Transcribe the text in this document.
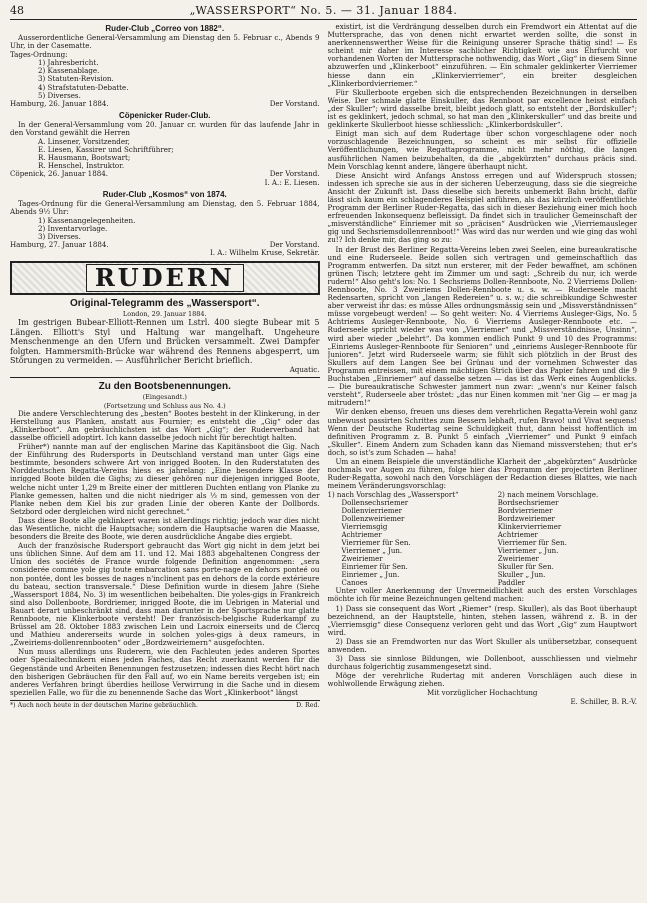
48	„WASSERSPORT“ No. 5. — 31. Januar 1884.
Ruder-Club „Correo von 1882“.

Ausserordentliche General-Versammlung am Dienstag den 5. Februar c., Abends 9 Uhr, in der Casematte.

Tages-Ordnung:
1) Jahresbericht.
2) Kassenablage.
3) Statuten-Revision.
4) Strafstatuten-Debatte.
5) Diverses.
Hamburg, 26. Januar 1884.	Der Vorstand.
Cöpenicker Ruder-Club.

In der General-Versammlung vom 20. Januar cr. wurden für das laufende Jahr in den Vorstand gewählt die Herren

A. Linsener, Vorsitzender,
E. Liesen, Kassirer und Schriftführer;
R. Hausmann, Bootswart;
R. Henschel, Instruktor.
Cöpenick, 26. Januar 1884.	Der Vorstand.
I. A.: E. Liesen.
Ruder-Club „Kosmos“ von 1874.

Tages-Ordnung für die General-Versammlung am Dienstag, den 5. Februar 1884, Abends 9½ Uhr:

1) Kassenangelegenheiten.
2) Inventarvorlage.
3) Diverses.
Hamburg, 27. Januar 1884.	Der Vorstand.
I. A.: Wilhelm Kruse, Sekretär.
RUDERN
Original-Telegramm des „Wassersport“.
London, 29. Januar 1884.

Im gestrigen Bubear-Elliott-Rennen um Lstrl. 400 siegte Bubear mit 5 Längen. Elliott's Styl und Haltung war mangelhaft. Ungeheure Menschenmenge an den Ufern und Brücken versammelt. Zwei Dampfer folgten. Hammersmith-Brücke war während des Rennens abgesperrt, um Störungen zu vermeiden. — Ausführlicher Bericht brieflich.

Aquatic.
Zu den Bootsbenennungen.
(Eingesandt.)
(Fortsetzung und Schluss aus No. 4.)

Die andere Verschlechterung des „besten“ Bootes besteht in der Klinkerung, in der Herstellung aus Planken, anstatt aus Fournier; es entsteht die „Gig“ oder das „Klinkerboot“. Am gebräuchlichsten ist das Wort „Gig“; der Ruderverband hat dasselbe officiell adoptirt. Ich kann dasselbe jedoch nicht für berechtigt halten.

Früher*) nannte man auf der englischen Marine das Kapitänsboot die Gig. Nach der Einführung des Rudersports in Deutschland verstand man unter Gigs eine bestimmte, besonders schwere Art von inrigged Booten. In den Ruderstatuten des Norddeutschen Regatta-Vereins hiess es jahrelang: „Eine besondere Klasse der inrigged Boote bilden die Gighs; zu dieser gehören nur diejenigen inrigged Boote, welche nicht unter 1,29 m Breite einer der mittleren Duchten entlang von Planke zu Planke gemessen, halten und die nicht niedriger als ⅓ m sind, gemessen von der Planke neben dem Kiel bis zur graden Linie der oberen Kante der Dollbords. Setzbord oder dergleichen wird nicht gerechnet.“

Dass diese Boote alle geklinkert waren ist allerdings richtig; jedoch war dies nicht das Wesentliche, nicht die Hauptsache; sondern die Hauptsache waren die Maasse, besonders die Breite des Boote, wie deren ausdrückliche Angabe dies ergiebt.

Auch der französische Rudersport gebraucht das Wort gig nicht in dem jetzt bei uns üblichen Sinne. Auf dem am 11. und 12. Mai 1883 abgehaltenen Congress der Union des sociétés de France wurde folgende Definition angenommen: „sera considerée comme yole gig toute embarcation sans porte-nage en dehors ponteé ou non pontée, dont les bosses de nages n'inclinent pas en dehors de la corde extérieure du bateau, section transversale.“ Diese Definition wurde in diesem Jahre (Siehe „Wassersport 1884, No. 3) im wesentlichen beibehalten. Die yoles-gigs in Frankreich sind also Dollenboote, Bordriemer, inrigged Boote, die im Uebrigen in Material und Bauart derart unbeschränkt sind, dass man darunter in der Sportsprache nur glatte Rennboote, nie Klinkerboote versteht! Der französisch-belgische Ruderkampf zu Brüssel am 28. Oktober 1883 zwischen Lein und Lacroix einerseits und de Clercq und Mathieu andererseits wurde in solchen yoles-gigs à deux rameurs, in „Zweiriems-dollenrennbooten“ oder „Bordzweiriemern“ ausgefochten.

Nun muss allerdings uns Ruderern, wie den Fachleuten jedes anderen Sportes oder Specialtechnikern eines jeden Faches, das Recht zuerkannt werden für die Gegenstände und Arbeiten Benennungen festzusetzen; indessen dies Recht hört nach den bisherigen Gebräuchen für den Fall auf, wo ein Name bereits vergeben ist; ein anderes Verfahren bringt überdies heillose Verwirrung in die Sache und in diesem speziellen Falle, wo für die zu benennende Sache das Wort „Klinkerboot“ längst

*) Auch noch heute in der deutschen Marine gebräuchlich.	D. Red.

existirt, ist die Verdrängung desselben durch ein Fremdwort ein Attentat auf die Muttersprache, das von denen nicht erwartet werden sollte, die sonst in anerkennenswerther Weise für die Reinigung unserer Sprache thätig sind! — Es scheint mir daher im Interesse sachlicher Richtigkeit wie aus Ehrfurcht vor vorhandenen Worten der Muttersprache nothwendig, das Wort „Gig“ in diesem Sinne abzuwerfen und „Klinkerboot“ einzuführen. — Ein schmaler geklinkerter Vierriemer hiesse dann ein „Klinkervierriemer“, ein breiter desgleichen „Klinkerbordvierriemer.“

Für Skullerboote ergeben sich die entsprechenden Bezeichnungen in derselben Weise. Der schmale glatte Einskuller, das Rennboot par excellence heisst einfach „der Skuller“; wird dasselbe breit, bleibt jedoch glatt, so entsteht der „Bordskuller“; ist es geklinkert, jedoch schmal, so hat man den „Klinkerskuller“ und das breite und geklinkerte Skullerboot hiesse schliesslich: „Klinkerbordskuller“.

Einigt man sich auf dem Rudertage über schon vorgeschlagene oder noch vorzuschlagende Bezeichnungen, so scheint es mir selbst für offizielle Veröffentlichungen, wie Regattaprogramme, nicht mehr nöthig, die langen ausführlichen Namen beizubehalten, da die „abgekürzten“ durchaus präcis sind. Mein Vorschlag kennt andere, längere überhaupt nicht.

Diese Ansicht wird Anfangs Anstoss erregen und auf Widerspruch stossen; indessen ich spreche sie aus in der sicheren Ueberzeugung, dass sie die siegreiche Ansicht der Zukunft ist. Dass dieselbe sich bereits unbemerkt Bahn bricht, dafür lässt sich kaum ein schlagenderes Beispiel anführen, als das kürzlich veröffentlichte Programm der Berliner Ruder-Regatta, das sich in dieser Beziehung einer mich hoch erfreuenden Inkonsequenz befleissigt. Da findet sich in traulicher Gemeinschaft der „misverständliche“ Einriemer mit so „präcisen“ Ausdrücken wie „Vierriemausleger gig und Sechsriemsdollenrennboot!“ Was wird das nur werden und wie ging das wohl zu!? Ich denke mir, das ging so zu:

In der Brust des Berliner Regatta-Vereins leben zwei Seelen, eine bureaukratische und eine Ruderseele. Beide sollen sich vertragen und gemeinschaftlich das Programm entwerfen. Da sitzt nun ersterer, mit der Feder bewaffnet, am schönen grünen Tisch; letztere geht im Zimmer um und sagt: „Schreib du nur, ich werde rudern!“ Also geht's los: No. 1 Sechsriems Dollen-Rennboote, No. 2 Vierriems Dollen-Rennboote, No. 3 Zweiriems Dollen-Rennboote u. s. w. — Ruderseele macht Redensarten, spricht von „langen Redereien“ u. s. w.; die schreibkundige Schwester aber verweist ihr das: es müsse Alles ordnungsmässig sein und „Missverständnissen“ müsse vorgebeugt werden! — So geht weiter: No. 4 Vierriems Ausleger-Gigs, No. 5 Achtriems Ausleger-Rennboote, No. 6 Vierriems Ausleger-Rennboote etc. — Ruderseele spricht wieder was von „Vierriemer“ und „Missverständnisse, Unsinn“, wird aber wieder „belehrt“. Da kommen endlich Punkt 9 und 10 des Programms: „Einriems Ausleger-Rennboote für Senioren“ und „einriems Ausleger-Rennboote für Junioren“. Jetzt wird Ruderseele warm; sie fühlt sich plötzlich in der Brust des Skullers auf dem Langen See bei Grünau und der vornehmen Schwester das Programm entreissen, mit einem mächtigen Strich über das Papier fahren und die 9 Buchstaben „Einriemer“ auf dasselbe setzen — das ist das Werk eines Augenblicks. — Die bureaukratische Schwester jammert nun zwar: „wenn's nur Keiner falsch versteht“, Ruderseele aber tröstet: „das nur Einen kommen mit 'ner Gig — er mag ja mitrudern!“

Wir denken ebenso, freuen uns dieses dem verehrlichen Regatta-Verein wohl ganz unbewusst passirten Schrittes zum Bessern lebhaft, rufen Bravo! und Vivat sequens! Wenn der Deutsche Rudertag seine Schuldigkeit thut, dann heisst hoffentlich im definitiven Programm z. B. Punkt 5 einfach „Vierriemer“ und Punkt 9 einfach „Skuller“. Einem Andern zum Schaden kann das Niemand missverstehen; thut er's doch, so ist's zum Schaden — haha!

Um an einem Beispiele die unverständliche Klarheit der „abgekürzten“ Ausdrücke nochmals vor Augen zu führen, folge hier das Programm der projectirten Berliner Ruder-Regatta, sowohl nach den Vorschlägen der Redaction dieses Blattes, wie nach meinem Veränderungsvorschlag:

1) nach Vorschlag des „Wassersport“	2) nach meinem Vorschlage.
Dollensechsriemer	Bordsechsriemer
Dollenvierriemer	Bordvierriemer
Dollenzweiriemer	Bordzweiriemer
Vierriemsgig	Klinkervierriemer
Achtriemer	Achtriemer
Vierriemer für Sen.	Vierriemer für Sen.
Vierriemer „ Jun.	Vierriemer „ Jun.
Zweiriemer	Zweiriemer
Einriemer für Sen.	Skuller für Sen.
Einriemer „ Jun.	Skuller „ Jun.
Canoes	Paddler

Unter voller Anerkennung der Unvermeidlichkeit auch des ersten Vorschlages möchte ich für meine Bezeichnungen geltend machen:

1) Dass sie consequent das Wort „Riemer“ (resp. Skuller), als das Boot überhaupt bezeichnend, an der Hauptstelle, hinten, stehen lassen, während z. B. in der „Vierriemsgig“ diese Consequenz verloren geht und das Wort „Gig“ zum Hauptwort wird.

2) Dass sie an Fremdworten nur das Wort Skuller als unübersetzbar, consequent anwenden.

3) Dass sie sinnlose Bildungen, wie Dollenboot, ausschliessen und vielmehr durchaus folgerichtig zusammengesetzt sind.

Möge der verehrliche Rudertag mit anderen Vorschlägen auch diese in wohlwollende Erwägung ziehen.

Mit vorzüglicher Hochachtung
E. Schiller, B. R.-V.
